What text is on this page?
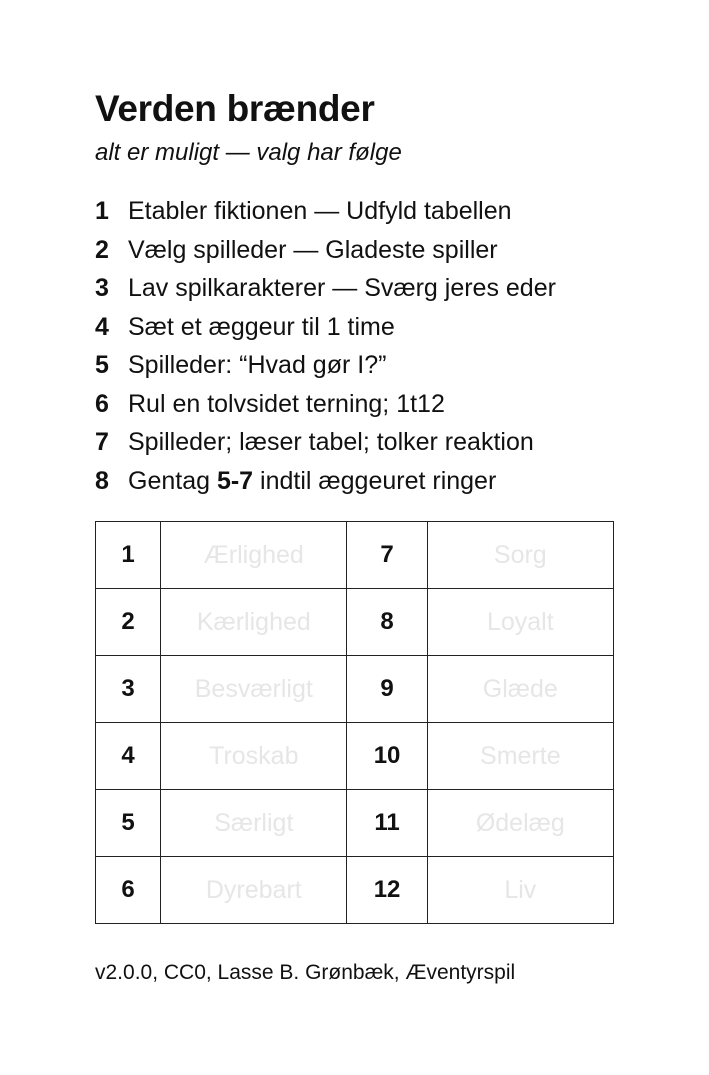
Verden brænder

alt er muligt — valg har følge

1 Etabler fiktionen — Udfyld tabellen
2 Vælg spilleder — Gladeste spiller
3 Lav spilkarakterer — Sværg jeres eder
4 Sæt et æggeur til 1 time
5 Spilleder: “Hvad gør I?”
6 Rul en tolvsidet terning; 1t12
7 Spilleder; læser tabel; tolker reaktion
8 Gentag 5-7 indtil æggeuret ringer
1	Ærlighed	7	Sorg
2	Kærlighed	8	Loyalt
3	Besværligt	9	Glæde
4	Troskab	10	Smerte
5	Særligt	11	Ødelæg
6	Dyrebart	12	Liv
v2.0.0, CC0, Lasse B. Grønbæk, Æventyrspil
